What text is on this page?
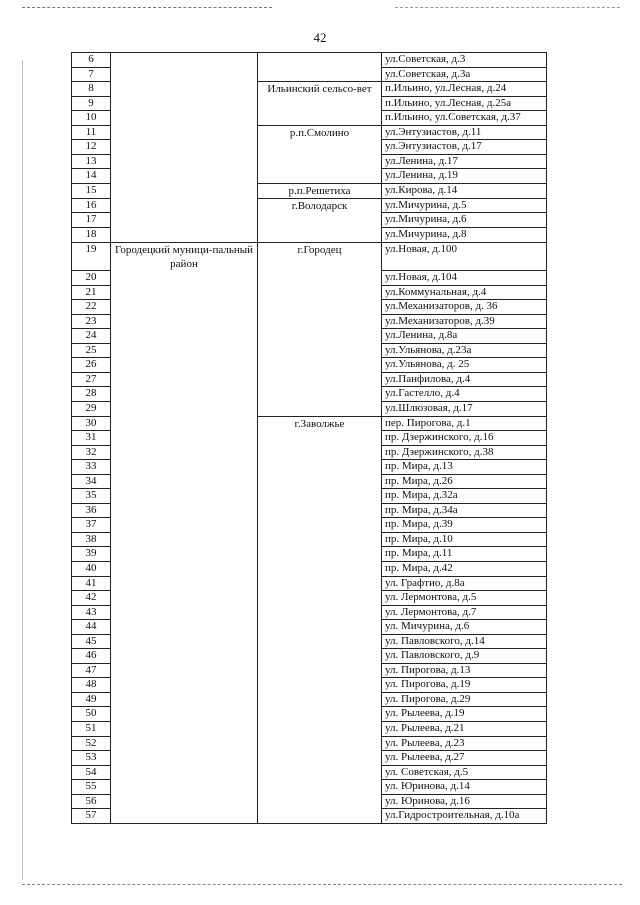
42
6			ул.Советская, д.3
7			ул.Советская, д.3а
8		Ильинский сельсо-вет	п.Ильино, ул.Лесная, д.24
9			п.Ильино, ул.Лесная, д.25а
10			п.Ильино, ул.Советская, д.37
11		р.п.Смолино	ул.Энтузиастов, д.11
12			ул.Энтузиастов, д.17
13			ул.Ленина, д.17
14			ул.Ленина, д.19
15		р.п.Решетиха	ул.Кирова, д.14
16		г.Володарск	ул.Мичурина, д.5
17			ул.Мичурина, д.6
18			ул.Мичурина, д.8
19	Городецкий муници-пальный район	г.Городец	ул.Новая, д.100
20			ул.Новая, д.104
21			ул.Коммунальная, д.4
22			ул.Механизаторов, д. 36
23			ул.Механизаторов, д.39
24			ул.Ленина, д.8а
25			ул.Ульянова, д.23а
26			ул.Ульянова, д. 25
27			ул.Панфилова, д.4
28			ул.Гастелло, д.4
29			ул.Шлюзовая, д.17
30		г.Заволжье	пер. Пирогова, д.1
31			пр. Дзержинского, д.16
32			пр. Дзержинского, д.38
33			пр. Мира, д.13
34			пр. Мира, д.26
35			пр. Мира, д.32а
36			пр. Мира, д.34а
37			пр. Мира, д.39
38			пр. Мира, д.10
39			пр. Мира, д.11
40			пр. Мира, д.42
41			ул. Графтио, д.8а
42			ул. Лермонтова, д.5
43			ул. Лермонтова, д.7
44			ул. Мичурина, д.6
45			ул. Павловского, д.14
46			ул. Павловского, д.9
47			ул. Пирогова, д.13
48			ул. Пирогова, д.19
49			ул. Пирогова, д.29
50			ул. Рылеева, д.19
51			ул. Рылеева, д.21
52			ул. Рылеева, д.23
53			ул. Рылеева, д.27
54			ул. Советская, д.5
55			ул. Юринова, д.14
56			ул. Юринова, д.16
57			ул.Гидростроительная, д.10а
